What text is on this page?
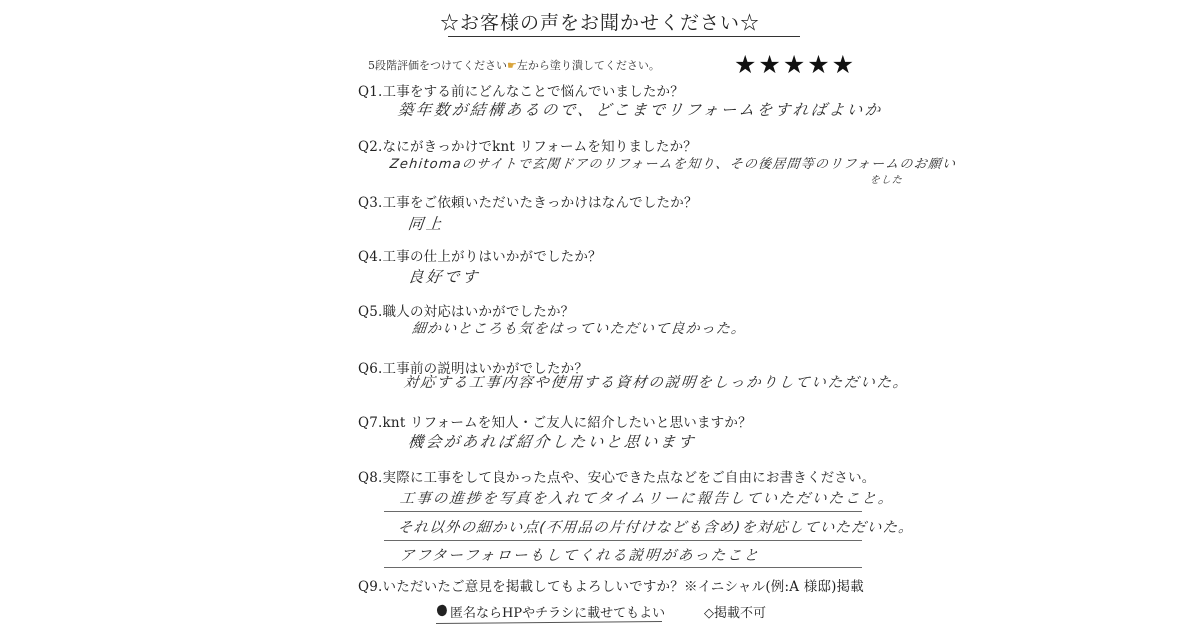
☆お客様の声をお聞かせください☆
5段階評価をつけてください☛左から塗り潰してください。	★★★★★
Q1.工事をする前にどんなことで悩んでいましたか？
築年数が結構あるので、どこまでリフォームをすればよいか
Q2.なにがきっかけでknt リフォームを知りましたか？
Zehitomaのサイトで玄関ドアのリフォームを知り、その後居間等のリフォームのお願い
をした
Q3.工事をご依頼いただいたきっかけはなんでしたか？
同上
Q4.工事の仕上がりはいかがでしたか？
良好です
Q5.職人の対応はいかがでしたか？
細かいところも気をはっていただいて良かった。
Q6.工事前の説明はいかがでしたか？
対応する工事内容や使用する資材の説明をしっかりしていただいた。
Q7.knt リフォームを知人・ご友人に紹介したいと思いますか？
機会があれば紹介したいと思います
Q8.実際に工事をして良かった点や、安心できた点などをご自由にお書きください。
工事の進捗を写真を入れてタイムリーに報告していただいたこと。
それ以外の細かい点(不用品の片付けなども含め)を対応していただいた。
アフターフォローもしてくれる説明があったこと
Q9.いただいたご意見を掲載してもよろしいですか？※イニシャル(例:A 様邸)掲載
匿名ならHPやチラシに載せてもよい	◇掲載不可
